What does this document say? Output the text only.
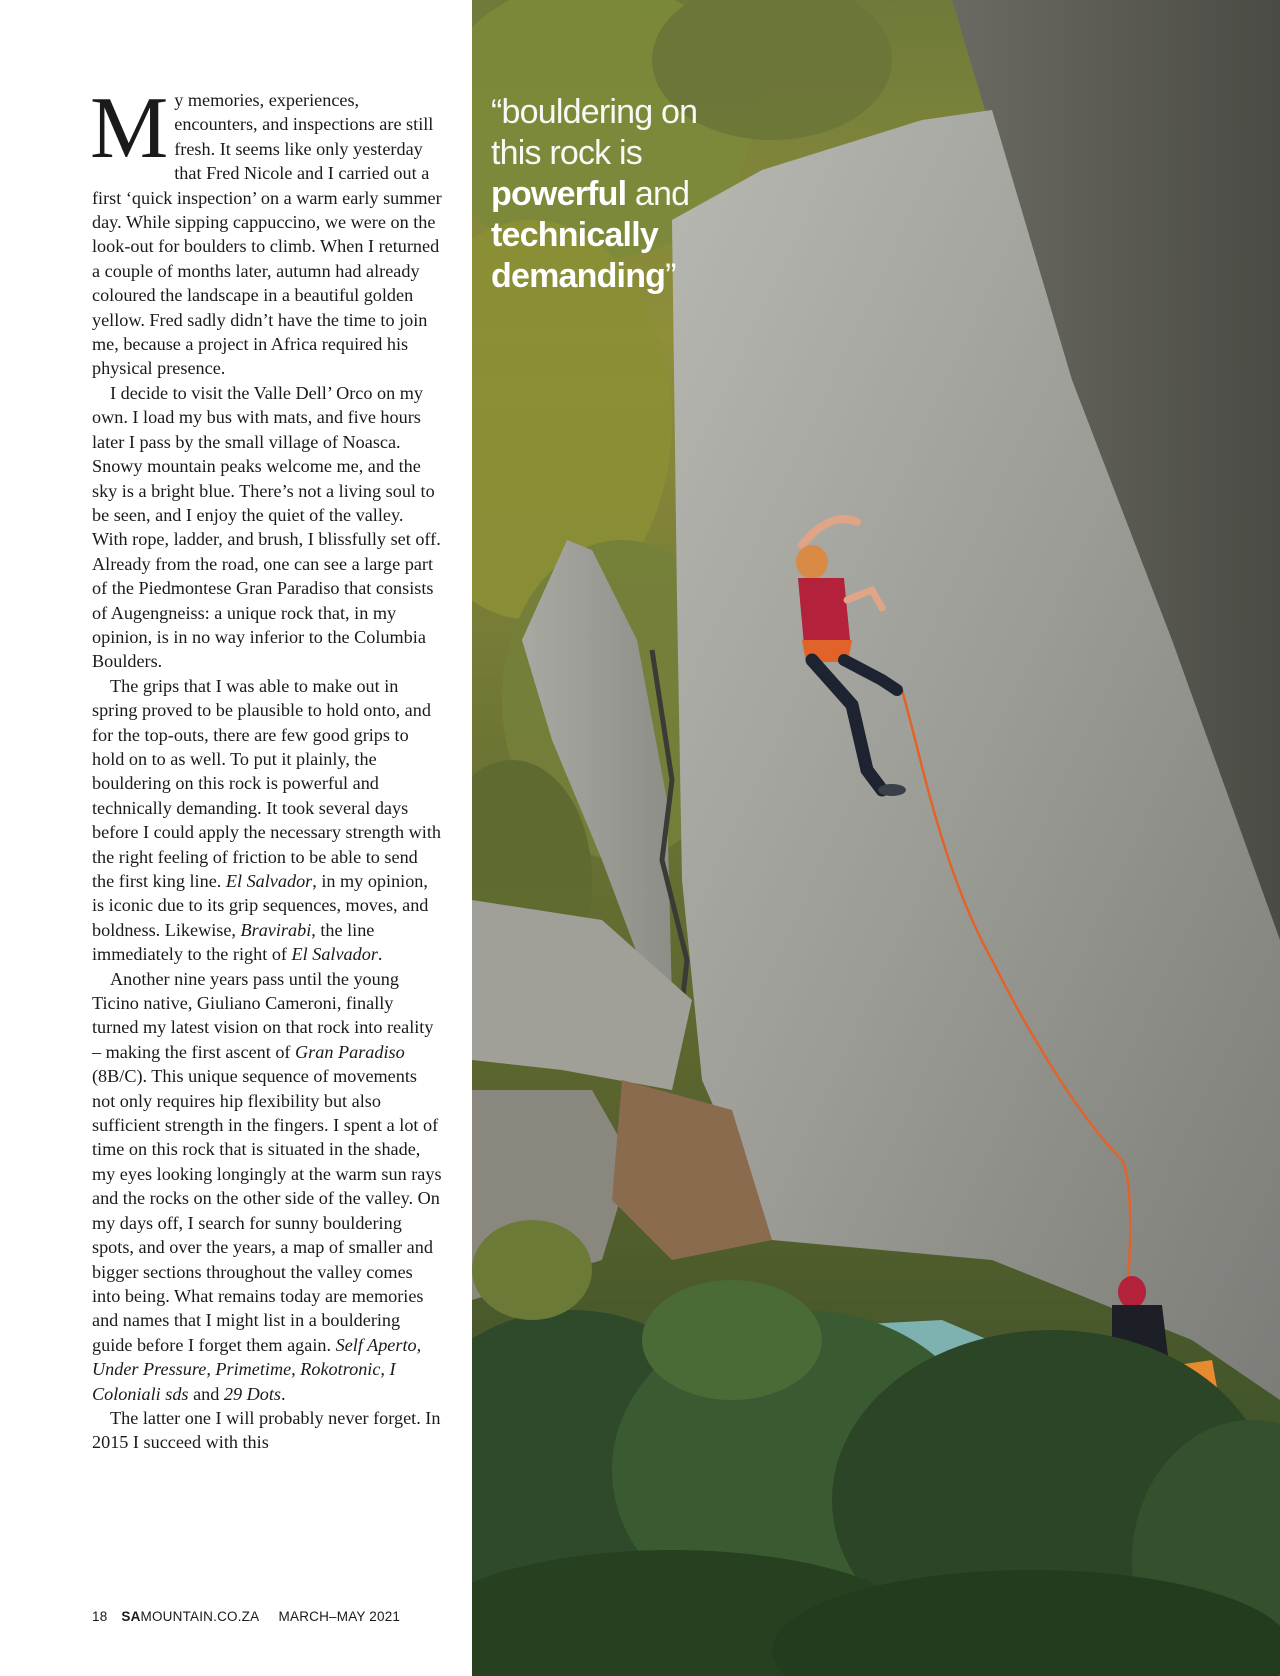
My memories, experiences, encounters, and inspections are still fresh. It seems like only yesterday that Fred Nicole and I carried out a first ‘quick inspection’ on a warm early summer day. While sipping cappuccino, we were on the look-out for boulders to climb. When I returned a couple of months later, autumn had already coloured the landscape in a beautiful golden yellow. Fred sadly didn’t have the time to join me, because a project in Africa required his physical presence.

I decide to visit the Valle Dell’ Orco on my own. I load my bus with mats, and five hours later I pass by the small village of Noasca. Snowy mountain peaks welcome me, and the sky is a bright blue. There’s not a living soul to be seen, and I enjoy the quiet of the valley. With rope, ladder, and brush, I blissfully set off. Already from the road, one can see a large part of the Piedmontese Gran Paradiso that consists of Augengneiss: a unique rock that, in my opinion, is in no way inferior to the Columbia Boulders.

The grips that I was able to make out in spring proved to be plausible to hold onto, and for the top-outs, there are few good grips to hold on to as well. To put it plainly, the bouldering on this rock is powerful and technically demanding. It took several days before I could apply the necessary strength with the right feeling of friction to be able to send the first king line. El Salvador, in my opinion, is iconic due to its grip sequences, moves, and boldness. Likewise, Bravirabi, the line immediately to the right of El Salvador.

Another nine years pass until the young Ticino native, Giuliano Cameroni, finally turned my latest vision on that rock into reality – making the first ascent of Gran Paradiso (8B/C). This unique sequence of movements not only requires hip flexibility but also sufficient strength in the fingers. I spent a lot of time on this rock that is situated in the shade, my eyes looking longingly at the warm sun rays and the rocks on the other side of the valley. On my days off, I search for sunny bouldering spots, and over the years, a map of smaller and bigger sections throughout the valley comes into being. What remains today are memories and names that I might list in a bouldering guide before I forget them again. Self Aperto, Under Pressure, Primetime, Rokotronic, I Coloniali sds and 29 Dots.

The latter one I will probably never forget. In 2015 I succeed with this

18 SAMOUNTAIN.CO.ZA MARCH–MAY 2021
“bouldering on this rock is powerful and technically demanding”
